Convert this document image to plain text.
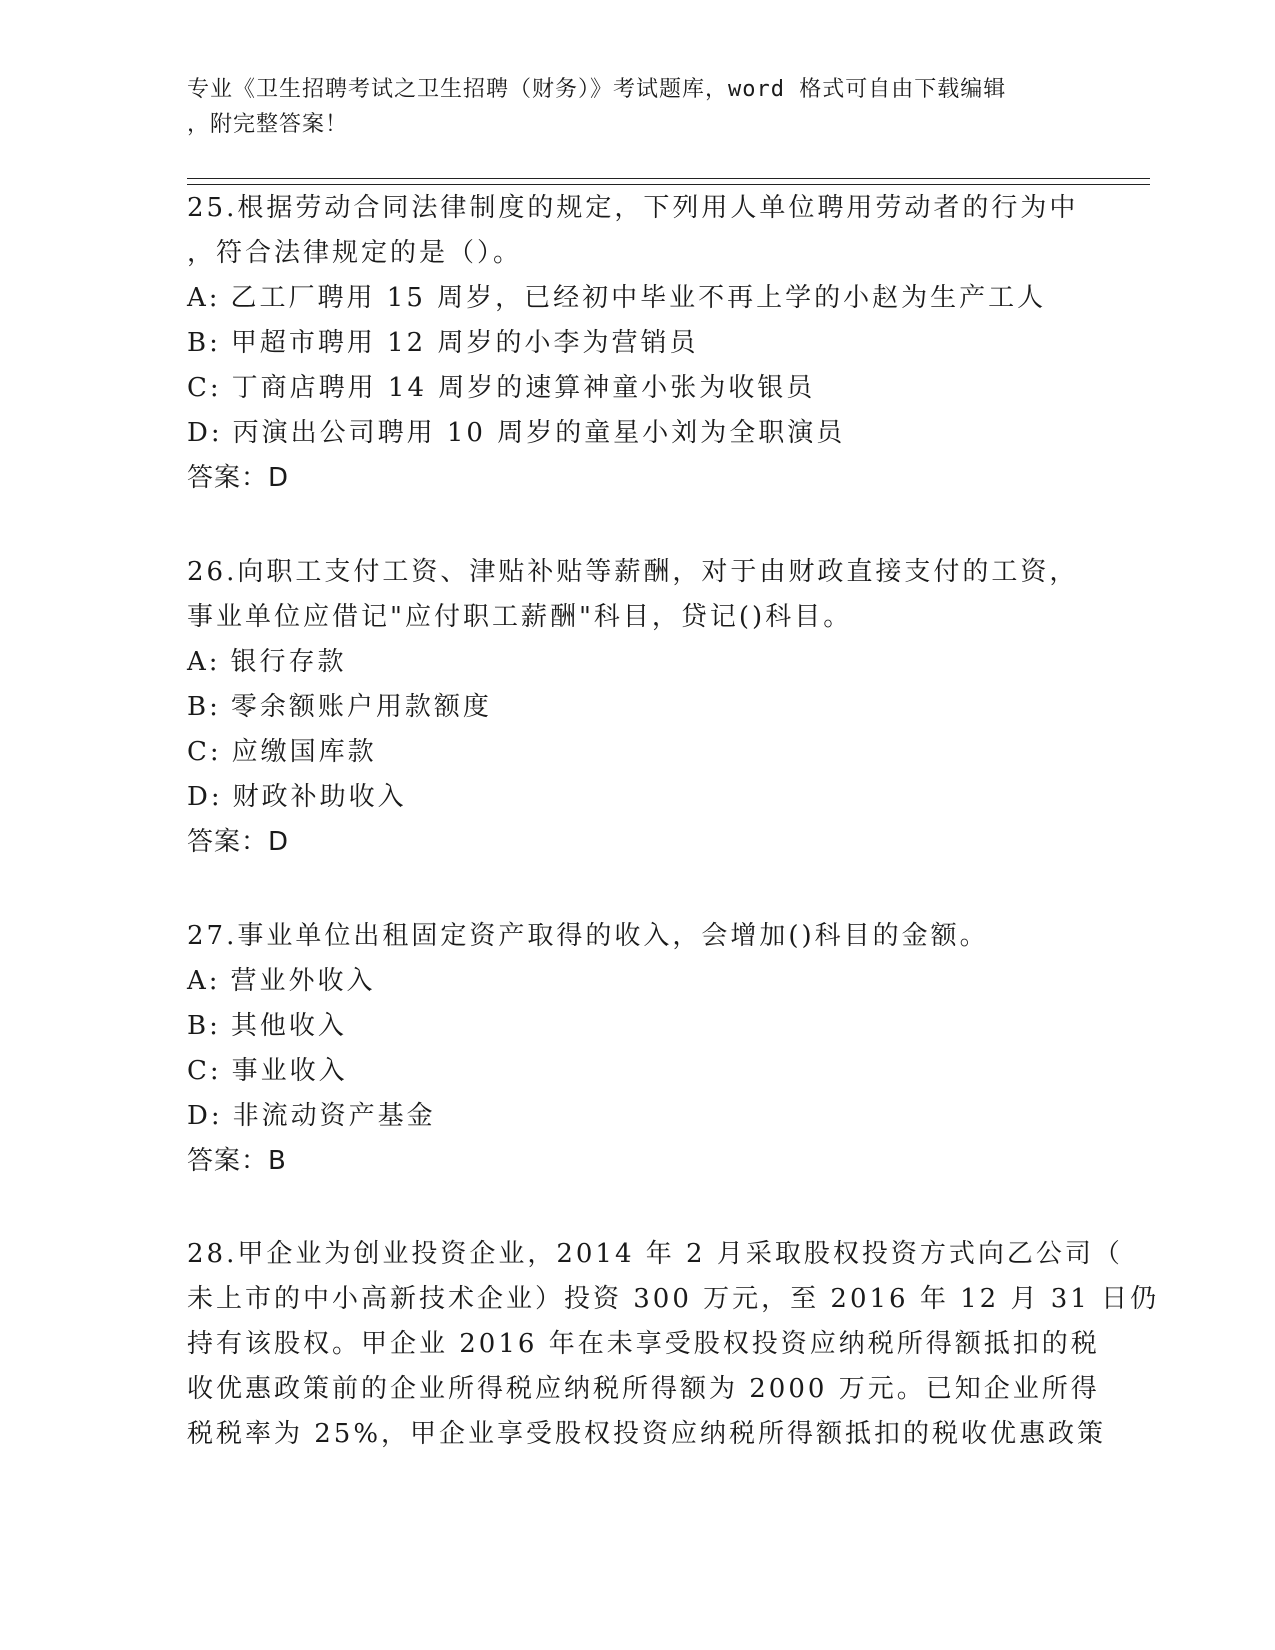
专业《卫生招聘考试之卫生招聘（财务）》考试题库，word 格式可自由下载编辑
，附完整答案！
25.根据劳动合同法律制度的规定，下列用人单位聘用劳动者的行为中
，符合法律规定的是（）。
A: 乙工厂聘用 15 周岁，已经初中毕业不再上学的小赵为生产工人
B: 甲超市聘用 12 周岁的小李为营销员
C: 丁商店聘用 14 周岁的速算神童小张为收银员
D: 丙演出公司聘用 10 周岁的童星小刘为全职演员
答案：D
26.向职工支付工资、津贴补贴等薪酬，对于由财政直接支付的工资，
事业单位应借记"应付职工薪酬"科目，贷记()科目。
A: 银行存款
B: 零余额账户用款额度
C: 应缴国库款
D: 财政补助收入
答案：D
27.事业单位出租固定资产取得的收入，会增加()科目的金额。
A: 营业外收入
B: 其他收入
C: 事业收入
D: 非流动资产基金
答案：B
28.甲企业为创业投资企业，2014 年 2 月采取股权投资方式向乙公司（
未上市的中小高新技术企业）投资 300 万元，至 2016 年 12 月 31 日仍
持有该股权。甲企业 2016 年在未享受股权投资应纳税所得额抵扣的税
收优惠政策前的企业所得税应纳税所得额为 2000 万元。已知企业所得
税税率为 25%，甲企业享受股权投资应纳税所得额抵扣的税收优惠政策
